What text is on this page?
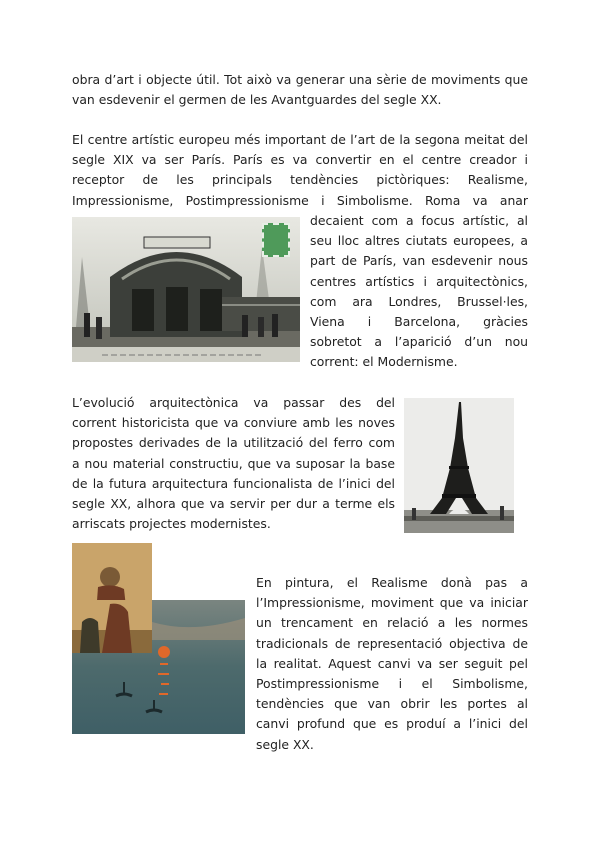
obra d’art i objecte útil. Tot això va generar una sèrie de moviments que
van esdevenir el germen de les Avantguardes del segle XX.
El centre artístic europeu més important de l’art de la segona meitat del
segle XIX va ser París. París es va convertir en el centre creador i
receptor de les principals tendències pictòriques: Realisme,
Impressionisme, Postimpressionisme i Simbolisme. Roma va anar
decaient com a focus artístic, al
seu lloc altres ciutats europees, a
part de París, van esdevenir nous
centres artístics i arquitectònics,
com ara Londres, Brussel·les,
Viena i Barcelona, gràcies
sobretot a l’aparició d’un nou
corrent: el Modernisme.
L’evolució arquitectònica va passar des del
corrent historicista que va conviure amb les noves
propostes derivades de la utilització del ferro com
a nou material constructiu, que va suposar la base
de la futura arquitectura funcionalista de l’inici del
segle XX, alhora que va servir per dur a terme els
arriscats projectes modernistes.
En pintura, el Realisme donà pas a
l’Impressionisme, moviment que va iniciar
un trencament en relació a les normes
tradicionals de representació objectiva de
la realitat. Aquest canvi va ser seguit pel
Postimpressionisme i el Simbolisme,
tendències que van obrir les portes al
canvi profund que es produí a l’inici del
segle XX.
